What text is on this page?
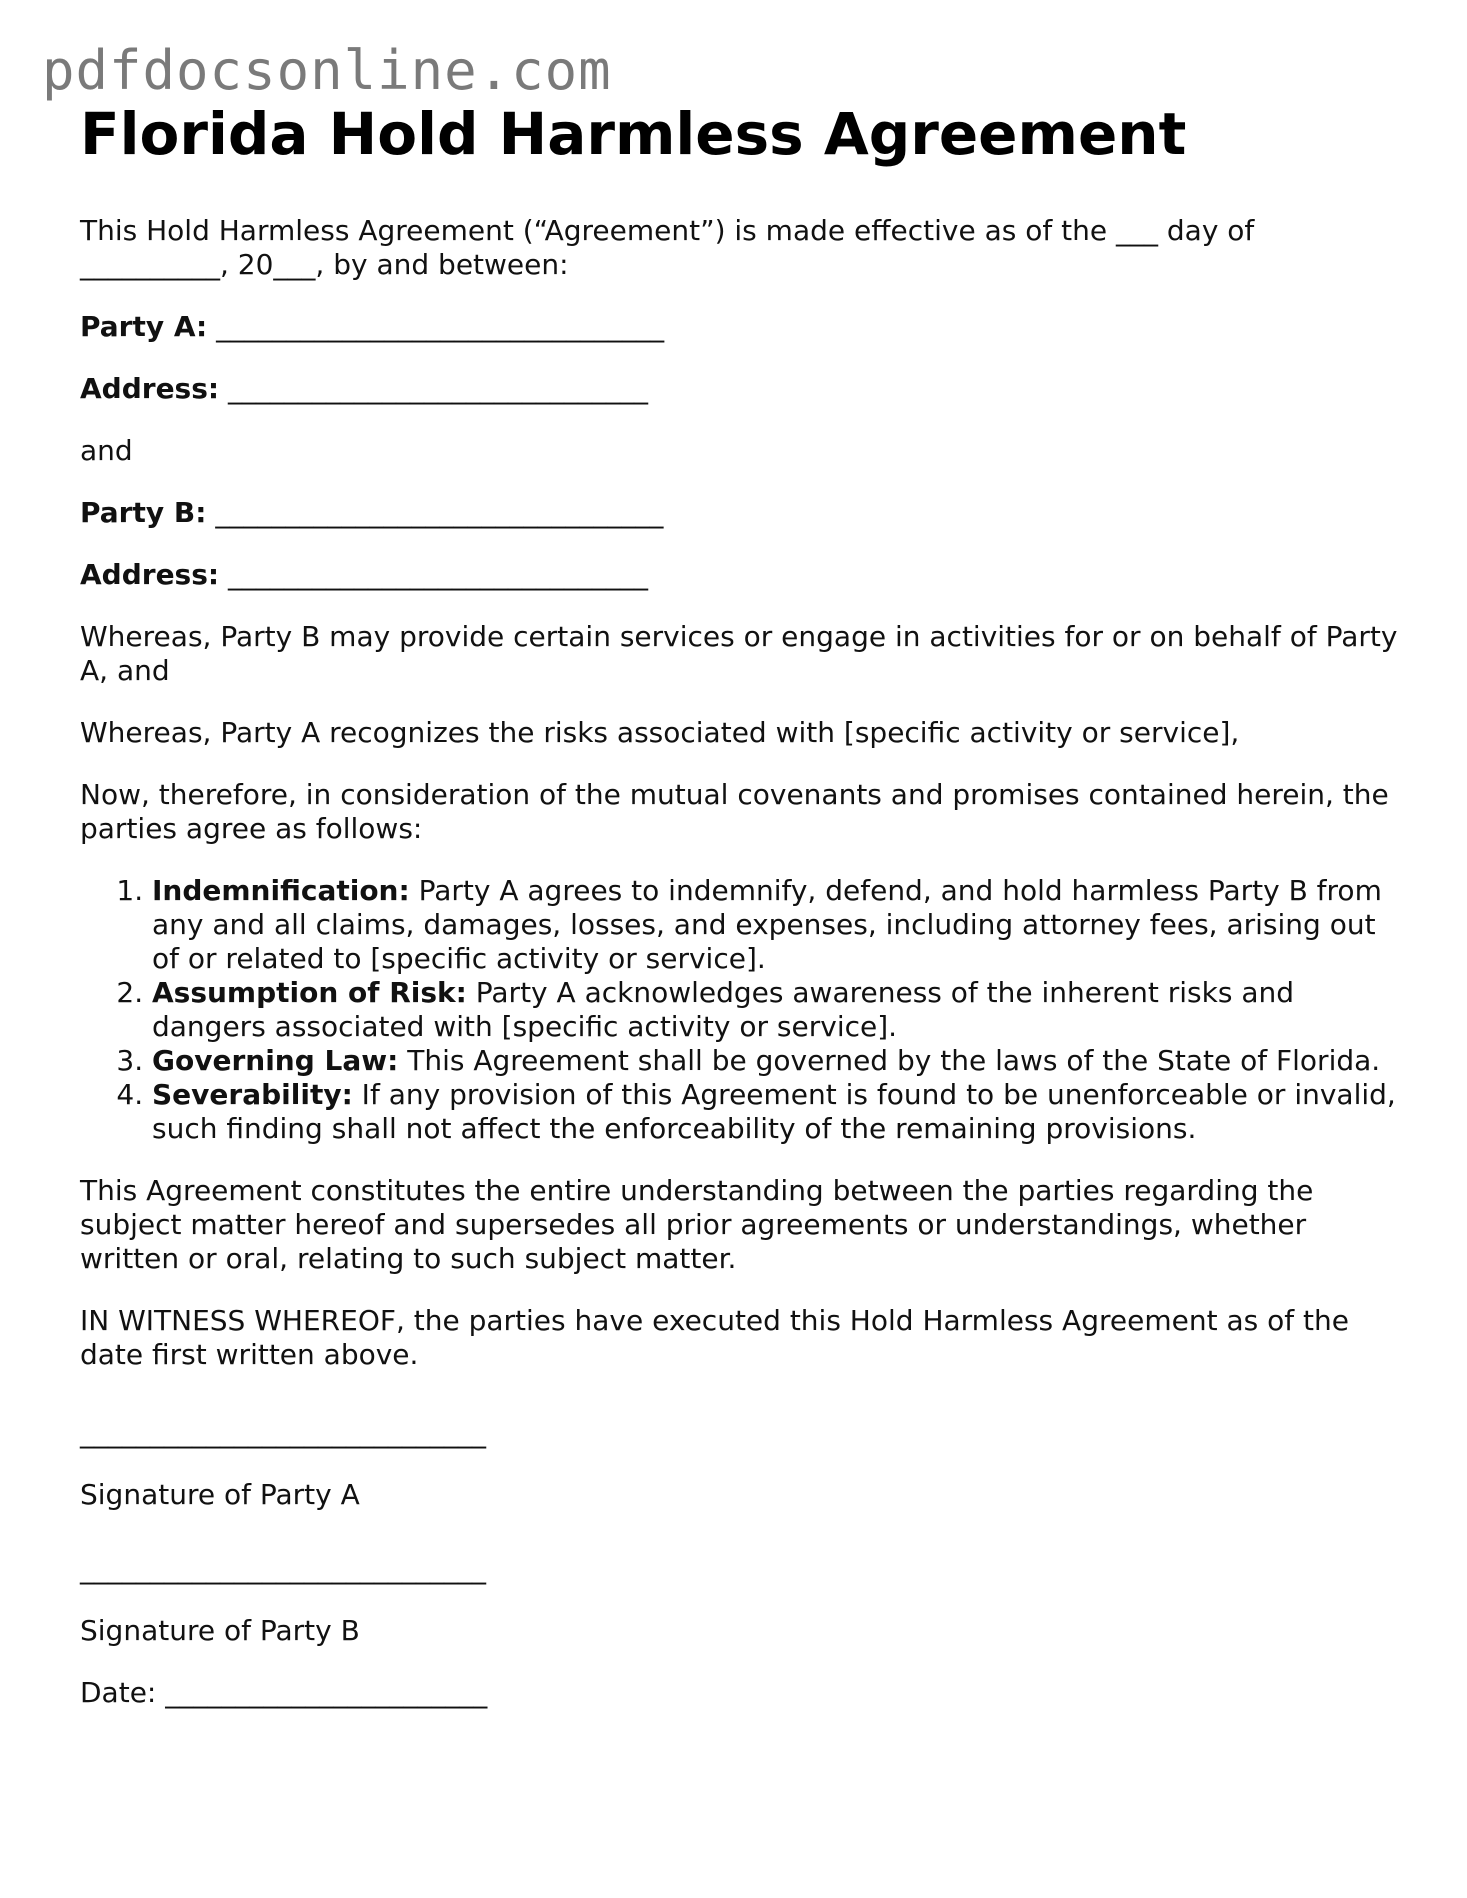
pdfdocsonline.com
Florida Hold Harmless Agreement

This Hold Harmless Agreement (“Agreement”) is made effective as of the ___ day of __________, 20___, by and between:

Party A: ________________________________

Address: ______________________________

and

Party B: ________________________________

Address: ______________________________

Whereas, Party B may provide certain services or engage in activities for or on behalf of Party A, and

Whereas, Party A recognizes the risks associated with [specific activity or service],

Now, therefore, in consideration of the mutual covenants and promises contained herein, the parties agree as follows:

1. Indemnification: Party A agrees to indemnify, defend, and hold harmless Party B from any and all claims, damages, losses, and expenses, including attorney fees, arising out of or related to [specific activity or service].
2. Assumption of Risk: Party A acknowledges awareness of the inherent risks and dangers associated with [specific activity or service].
3. Governing Law: This Agreement shall be governed by the laws of the State of Florida.
4. Severability: If any provision of this Agreement is found to be unenforceable or invalid, such finding shall not affect the enforceability of the remaining provisions.

This Agreement constitutes the entire understanding between the parties regarding the subject matter hereof and supersedes all prior agreements or understandings, whether written or oral, relating to such subject matter.

IN WITNESS WHEREOF, the parties have executed this Hold Harmless Agreement as of the date first written above.

_____________________________

Signature of Party A

_____________________________

Signature of Party B

Date: _______________________
